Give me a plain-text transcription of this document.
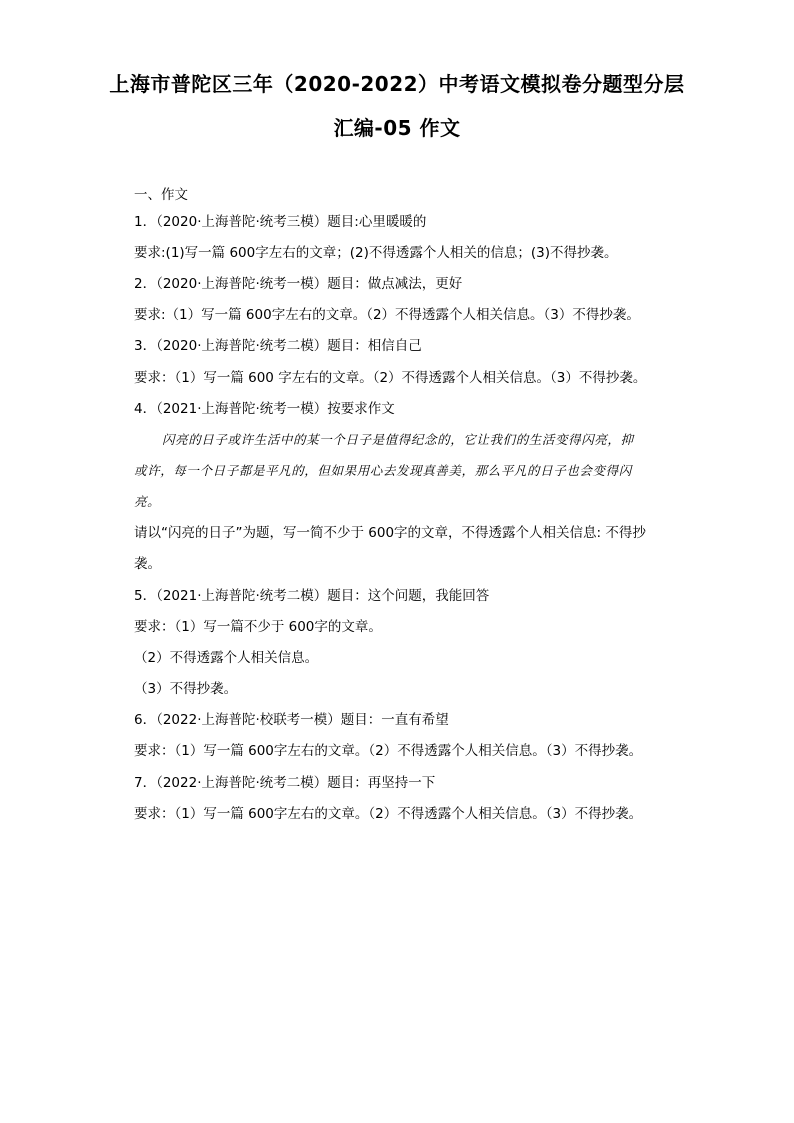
上海市普陀区三年（2020-2022）中考语文模拟卷分题型分层
汇编-05 作文
一、作文
1．（2020·上海普陀·统考三模）题目:心里暖暖的
要求:(1)写一篇 600字左右的文章；(2)不得透露个人相关的信息；(3)不得抄袭。
2．（2020·上海普陀·统考一模）题目：做点减法，更好
要求:（1）写一篇 600字左右的文章。（2）不得透露个人相关信息。（3）不得抄袭。
3．（2020·上海普陀·统考二模）题目：相信自己
要求：（1）写一篇 600 字左右的文章。（2）不得透露个人相关信息。（3）不得抄袭。
4．（2021·上海普陀·统考一模）按要求作文
闪亮的日子或许生活中的某一个日子是值得纪念的，它让我们的生活变得闪亮，抑
或许，每一个日子都是平凡的，但如果用心去发现真善美，那么平凡的日子也会变得闪
亮。
请以“闪亮的日子”为题，写一简不少于 600字的文章，不得透露个人相关信息: 不得抄
袭。
5．（2021·上海普陀·统考二模）题目：这个问题，我能回答
要求：（1）写一篇不少于 600字的文章。
（2）不得透露个人相关信息。
（3）不得抄袭。
6．（2022·上海普陀·校联考一模）题目：一直有希望
要求：（1）写一篇 600字左右的文章。（2）不得透露个人相关信息。（3）不得抄袭。
7．（2022·上海普陀·统考二模）题目：再坚持一下
要求：（1）写一篇 600字左右的文章。（2）不得透露个人相关信息。（3）不得抄袭。
